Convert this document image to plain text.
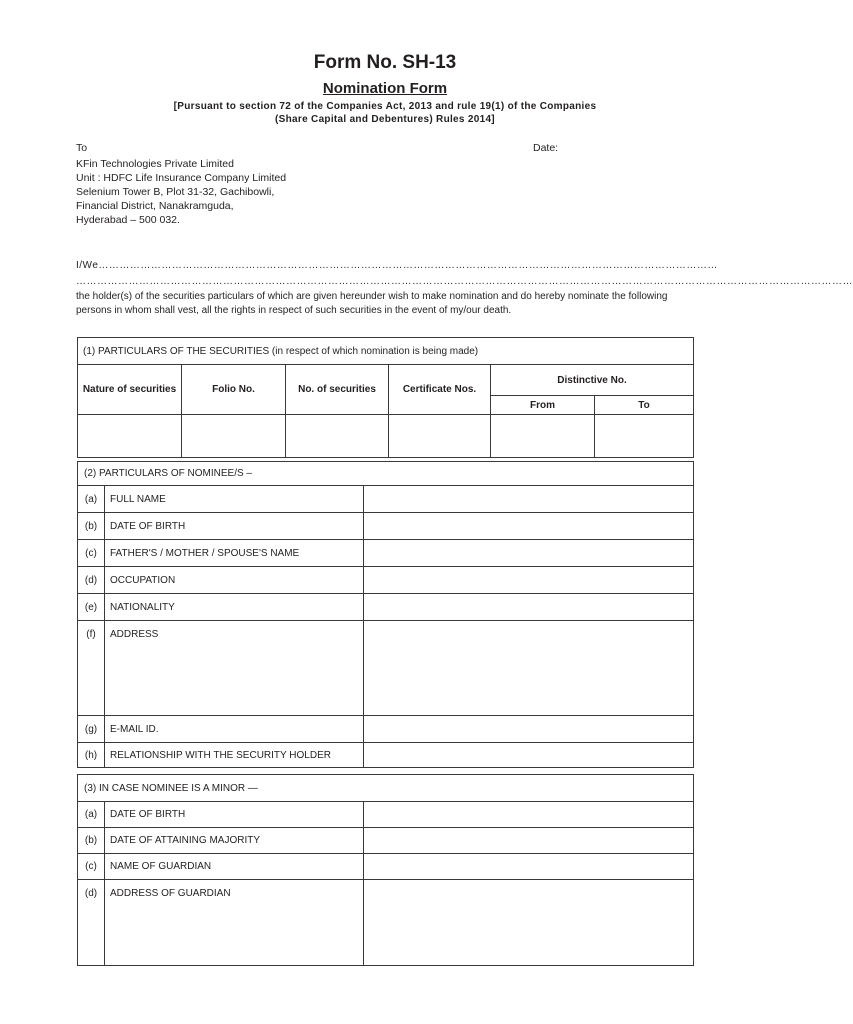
Form No. SH-13
Nomination Form
[Pursuant to section 72 of the Companies Act, 2013 and rule 19(1) of the Companies
(Share Capital and Debentures) Rules 2014]
To	Date:
KFin Technologies Private Limited
Unit : HDFC Life Insurance Company Limited
Selenium Tower B, Plot 31-32, Gachibowli,
Financial District, Nanakramguda,
Hyderabad – 500 032.
I/We……………………………………………………………………………………………………………………………………………………………
……………………………………………………………………………………………………………………………………………………………………………………………………
the holder(s) of the securities particulars of which are given hereunder wish to make nomination and do hereby nominate the following persons in whom shall vest, all the rights in respect of such securities in the event of my/our death.
(1) PARTICULARS OF THE SECURITIES (in respect of which nomination is being made)					
Nature of securities	Folio No.	No. of securities	Certificate Nos.	Distinctive No.	
				From	To

(2) PARTICULARS OF NOMINEE/S –		
(a)	FULL NAME	
(b)	DATE OF BIRTH	
(c)	FATHER'S / MOTHER / SPOUSE'S NAME	
(d)	OCCUPATION	
(e)	NATIONALITY	
(f)	ADDRESS	
(g)	E-MAIL ID.	
(h)	RELATIONSHIP WITH THE SECURITY HOLDER	
(3) IN CASE NOMINEE IS A MINOR —		
(a)	DATE OF BIRTH	
(b)	DATE OF ATTAINING MAJORITY	
(c)	NAME OF GUARDIAN	
(d)	ADDRESS OF GUARDIAN	
